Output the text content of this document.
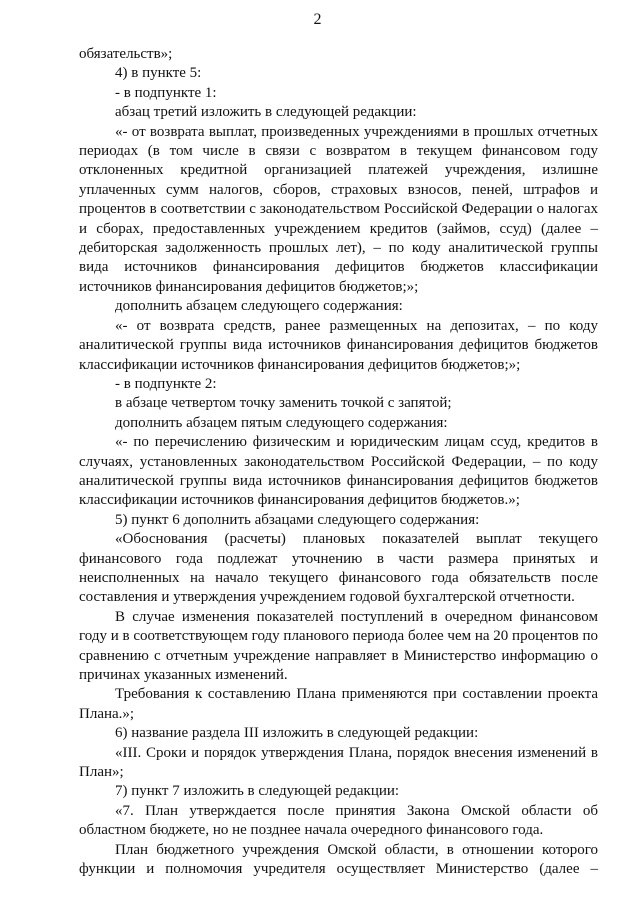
2

обязательств»;

4) в пункте 5:

- в подпункте 1:

абзац третий изложить в следующей редакции:

«- от возврата выплат, произведенных учреждениями в прошлых отчетных периодах (в том числе в связи с возвратом в текущем финансовом году отклоненных кредитной организацией платежей учреждения, излишне уплаченных сумм налогов, сборов, страховых взносов, пеней, штрафов и процентов в соответствии с законодательством Российской Федерации о налогах и сборах, предоставленных учреждением кредитов (займов, ссуд) (далее – дебиторская задолженность прошлых лет), – по коду аналитической группы вида источников финансирования дефицитов бюджетов классификации источников финансирования дефицитов бюджетов;»;

дополнить абзацем следующего содержания:

«- от возврата средств, ранее размещенных на депозитах, – по коду аналитической группы вида источников финансирования дефицитов бюджетов классификации источников финансирования дефицитов бюджетов;»;

- в подпункте 2:

в абзаце четвертом точку заменить точкой с запятой;

дополнить абзацем пятым следующего содержания:

«- по перечислению физическим и юридическим лицам ссуд, кредитов в случаях, установленных законодательством Российской Федерации, – по коду аналитической группы вида источников финансирования дефицитов бюджетов классификации источников финансирования дефицитов бюджетов.»;

5) пункт 6 дополнить абзацами следующего содержания:

«Обоснования (расчеты) плановых показателей выплат текущего финансового года подлежат уточнению в части размера принятых и неисполненных на начало текущего финансового года обязательств после составления и утверждения учреждением годовой бухгалтерской отчетности.

В случае изменения показателей поступлений в очередном финансовом году и в соответствующем году планового периода более чем на 20 процентов по сравнению с отчетным учреждение направляет в Министерство информацию о причинах указанных изменений.

Требования к составлению Плана применяются при составлении проекта Плана.»;

6) название раздела III изложить в следующей редакции:

«III. Сроки и порядок утверждения Плана, порядок внесения изменений в План»;

7) пункт 7 изложить в следующей редакции:

«7. План утверждается после принятия Закона Омской области об областном бюджете, но не позднее начала очередного финансового года.

План бюджетного учреждения Омской области, в отношении которого функции и полномочия учредителя осуществляет Министерство (далее –
